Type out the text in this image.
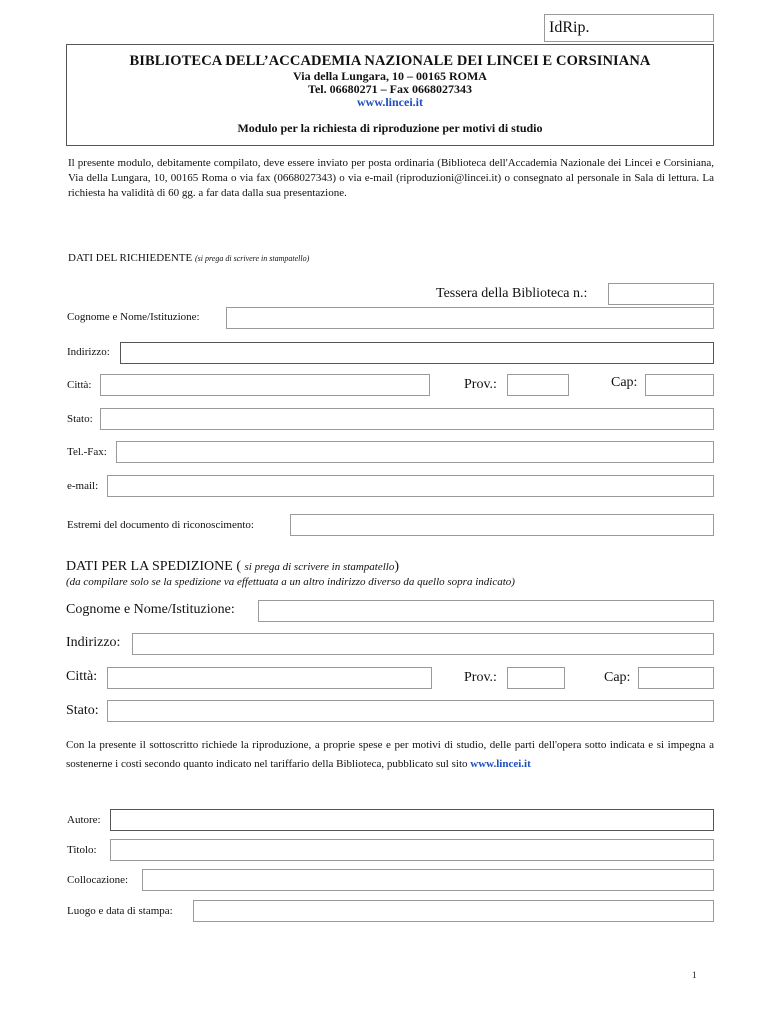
IdRip.
BIBLIOTECA DELL’ACCADEMIA NAZIONALE DEI LINCEI E CORSINIANA
Via della Lungara, 10 – 00165 ROMA
Tel. 06680271 – Fax 0668027343
www.lincei.it
Modulo per la richiesta di riproduzione per motivi di studio
Il presente modulo, debitamente compilato, deve essere inviato per posta ordinaria (Biblioteca dell'Accademia Nazionale dei Lincei e Corsiniana, Via della Lungara, 10, 00165 Roma o via fax (0668027343) o via e-mail (riproduzioni@lincei.it) o consegnato al personale in Sala di lettura. La richiesta ha validità di 60 gg. a far data dalla sua presentazione.
DATI DEL RICHIEDENTE (si prega di scrivere in stampatello)
Tessera della Biblioteca n.:
Cognome e Nome/Istituzione:
Indirizzo:
Città:	Prov.:	Cap:
Stato:
Tel.-Fax:
e-mail:
Estremi del documento di riconoscimento:
DATI PER LA SPEDIZIONE ( si prega di scrivere in stampatello)
(da compilare solo se la spedizione va effettuata a un altro indirizzo diverso da quello sopra indicato)
Cognome e Nome/Istituzione:
Indirizzo:
Città:	Prov.:	Cap:
Stato:
Con la presente il sottoscritto richiede la riproduzione, a proprie spese e per motivi di studio, delle parti dell'opera sotto indicata e si impegna a sostenerne i costi secondo quanto indicato nel tariffario della Biblioteca, pubblicato sul sito www.lincei.it
Autore:
Titolo:
Collocazione:
Luogo e data di stampa:
1
